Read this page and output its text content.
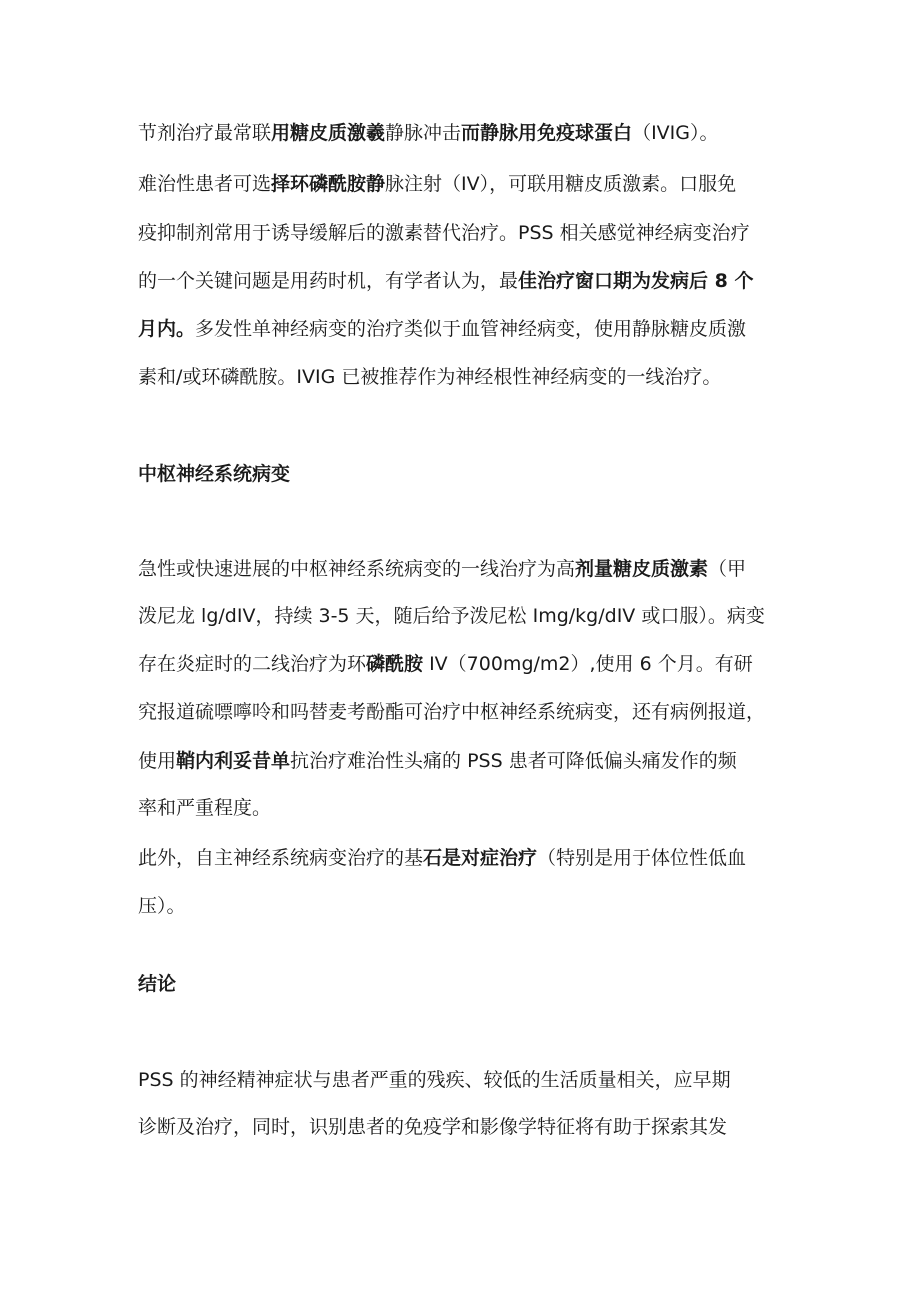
节剂治疗最常联用糖皮质激羲静脉冲击而静脉用免疫球蛋白（IVIG）。
难治性患者可选择环磷酰胺静脉注射（IV），可联用糖皮质激素。口服免
疫抑制剂常用于诱导缓解后的激素替代治疗。PSS 相关感觉神经病变治疗
的一个关键问题是用药时机，有学者认为，最佳治疗窗口期为发病后 8 个
月内。多发性单神经病变的治疗类似于血管神经病变，使用静脉糖皮质激
素和/或环磷酰胺。IVIG 已被推荐作为神经根性神经病变的一线治疗。
中枢神经系统病变
急性或快速进展的中枢神经系统病变的一线治疗为高剂量糖皮质激素（甲
泼尼龙 lg/dIV，持续 3-5 天，随后给予泼尼松 Img/kg/dIV 或口服）。病变
存在炎症时的二线治疗为环磷酰胺 IV（700mg/m2）,使用 6 个月。有研
究报道硫嘌嚀呤和吗替麦考酚酯可治疗中枢神经系统病变，还有病例报道，
使用鞘内利妥昔单抗治疗难治性头痛的 PSS 患者可降低偏头痛发作的频
率和严重程度。
此外，自主神经系统病变治疗的基石是对症治疗（特别是用于体位性低血
压）。
结论
PSS 的神经精神症状与患者严重的残疾、较低的生活质量相关，应早期
诊断及治疗，同时，识别患者的免疫学和影像学特征将有助于探索其发
